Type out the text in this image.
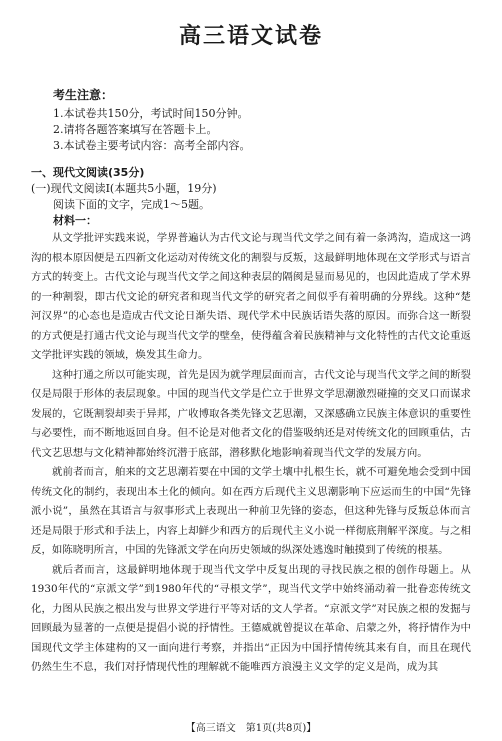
高三语文试卷
考生注意：
1.本试卷共150分，考试时间150分钟。
2.请将各题答案填写在答题卡上。
3.本试卷主要考试内容：高考全部内容。
一、现代文阅读(35分)
(一)现代文阅读Ⅰ(本题共5小题，19分)
阅读下面的文字，完成1～5题。
材料一：

从文学批评实践来说，学界普遍认为古代文论与现当代文学之间有着一条鸿沟，造成这一鸿沟的根本原因便是五四新文化运动对传统文化的割裂与反叛，这最鲜明地体现在文学形式与语言方式的转变上。古代文论与现当代文学之间这种表层的隔阂是显而易见的，也因此造成了学术界的一种割裂，即古代文论的研究者和现当代文学的研究者之间似乎有着明确的分界线。这种“楚河汉界”的心态也是造成古代文论日渐失语、现代学术中民族话语失落的原因。而弥合这一断裂的方式便是打通古代文论与现当代文学的壁垒，使得蕴含着民族精神与文化特性的古代文论重返文学批评实践的领域，焕发其生命力。

这种打通之所以可能实现，首先是因为就学理层面而言，古代文论与现当代文学之间的断裂仅是局限于形体的表层现象。中国的现当代文学是伫立于世界文学思潮激烈碰撞的交叉口而谋求发展的，它既割裂却卖于异邦，广收博取各类先锋文艺思潮，又深感确立民族主体意识的重要性与必要性，而不断地返回自身。但不论是对他者文化的借鉴吸纳还是对传统文化的回顾重估，古代文艺思想与文化精神都始终沉潜于底部，潜移默化地影响着现当代文学的发展方向。

就前者而言，舶来的文艺思潮若要在中国的文学土壤中扎根生长，就不可避免地会受到中国传统文化的制约，表现出本土化的倾向。如在西方后现代主义思潮影响下应运而生的中国“先锋派小说”，虽然在其语言与叙事形式上表现出一种前卫先锋的姿态，但这种先锋与反叛总体而言还是局限于形式和手法上，内容上却鲜少和西方的后现代主义小说一样彻底荆解平深度。与之相反，如陈晓明所言，中国的先锋派文学在向历史领域的纵深处逃逸时触摸到了传统的根基。

就后者而言，这最鲜明地体现于现当代文学中反复出现的寻找民族之根的创作母题上。从1930年代的“京派文学”到1980年代的“寻根文学”，现当代文学中始终涌动着一批眷恋传统文化，力图从民族之根出发与世界文学进行平等对话的文人学者。“京派文学”对民族之根的发掘与回顾最为显著的一点便是提倡小说的抒情性。王德威就曾提议在革命、启蒙之外，将抒情作为中国现代文学主体建构的又一面向进行考察，并指出“正因为中国抒情传统其来有自，而且在现代仍然生生不息，我们对抒情现代性的理解就不能唯西方浪漫主义文学的定义是尚，成为其

【高三语文　第1页(共8页)】
